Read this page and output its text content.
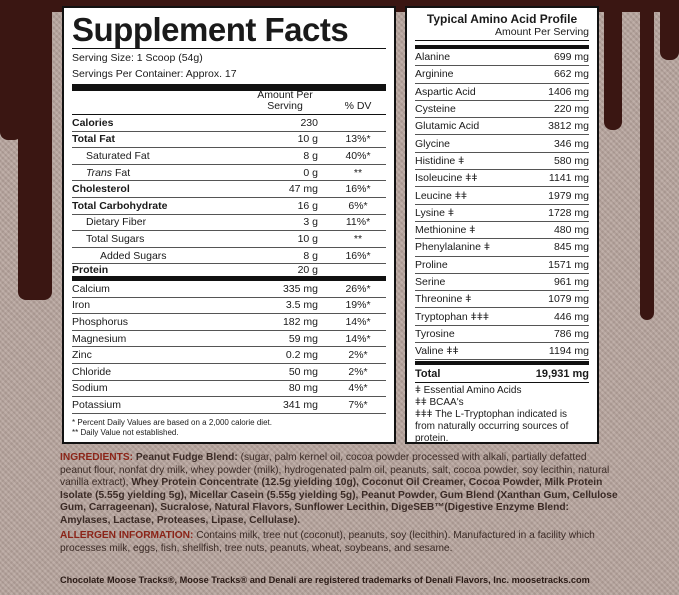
Supplement Facts
Serving Size: 1 Scoop (54g)
Servings Per Container: Approx. 17
Amount Per Serving	% DV
Calories	230
Total Fat	10 g	13%*
Saturated Fat	8 g	40%*
Trans Fat	0 g	**
Cholesterol	47 mg	16%*
Total Carbohydrate	16 g	6%*
Dietary Fiber	3 g	11%*
Total Sugars	10 g	**
Added Sugars	8 g	16%*
Protein	20 g
Calcium	335 mg	26%*
Iron	3.5 mg	19%*
Phosphorus	182 mg	14%*
Magnesium	59 mg	14%*
Zinc	0.2 mg	2%*
Chloride	50 mg	2%*
Sodium	80 mg	4%*
Potassium	341 mg	7%*
* Percent Daily Values are based on a 2,000 calorie diet.
** Daily Value not established.
Typical Amino Acid Profile
Amount Per Serving
Alanine	699 mg
Arginine	662 mg
Aspartic Acid	1406 mg
Cysteine	220 mg
Glutamic Acid	3812 mg
Glycine	346 mg
Histidine ǂ	580 mg
Isoleucine ǂǂ	1141 mg
Leucine ǂǂ	1979 mg
Lysine ǂ	1728 mg
Methionine ǂ	480 mg
Phenylalanine ǂ	845 mg
Proline	1571 mg
Serine	961 mg
Threonine ǂ	1079 mg
Tryptophan ǂǂǂ	446 mg
Tyrosine	786 mg
Valine ǂǂ	1194 mg
Total	19,931 mg
ǂ Essential Amino Acids
ǂǂ BCAA's
ǂǂǂ The L-Tryptophan indicated is from naturally occurring sources of protein.
INGREDIENTS: Peanut Fudge Blend: (sugar, palm kernel oil, cocoa powder processed with alkali, partially defatted peanut flour, nonfat dry milk, whey powder (milk), hydrogenated palm oil, peanuts, salt, cocoa powder, soy lecithin, natural vanilla extract), Whey Protein Concentrate (12.5g yielding 10g), Coconut Oil Creamer, Cocoa Powder, Milk Protein Isolate (5.55g yielding 5g), Micellar Casein (5.55g yielding 5g), Peanut Powder, Gum Blend (Xanthan Gum, Cellulose Gum, Carrageenan), Sucralose, Natural Flavors, Sunflower Lecithin, DigeSEB™(Digestive Enzyme Blend: Amylases, Lactase, Proteases, Lipase, Cellulase).
ALLERGEN INFORMATION: Contains milk, tree nut (coconut), peanuts, soy (lecithin). Manufactured in a facility which processes milk, eggs, fish, shellfish, tree nuts, peanuts, wheat, soybeans, and sesame.
Chocolate Moose Tracks®, Moose Tracks® and Denali are registered trademarks of Denali Flavors, Inc. moosetracks.com
